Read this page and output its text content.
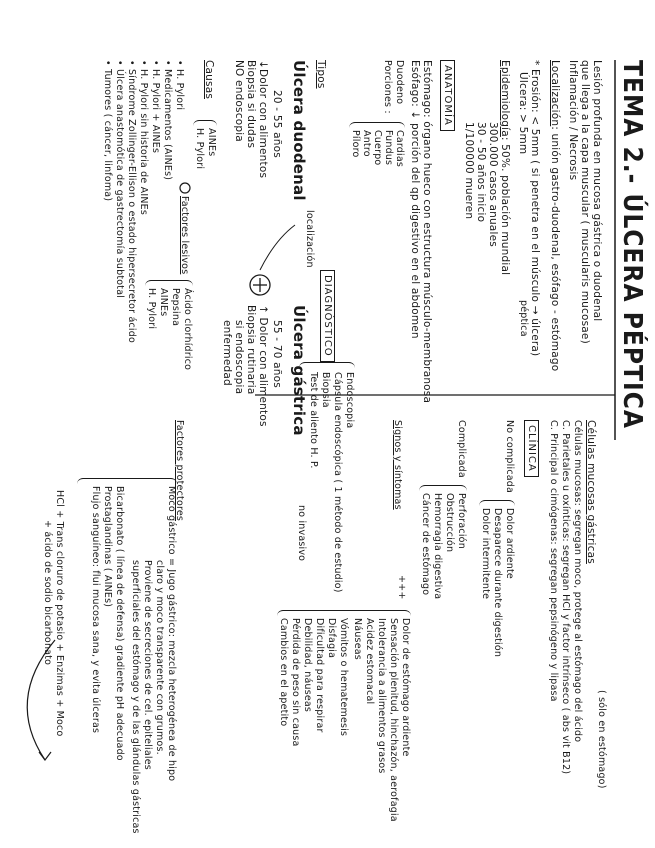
TEMA 2.- ÚLCERA PÉPTICA
Lesión profunda en mucosa gástrica o duodenal
que llega a la capa muscular ( muscularis mucosae)
Inflamación / Necrosis
Localización: unión gastro-duodenal, esófago - estómago
* Erosión: < 5mm ( si penetra en el músculo → úlcera)
Úlcera: > 5mm
péptica
Epidemiología: 50%. población mundial
300.000 casos anuales
30 - 50 años inicio
1/100000 mueren
ANATOMÍA
Estómago: órgano hueco con estructura músculo-membranosa
Esófago: ↓ porción del qp digestivo en el abdomen
Duodeno
Porciones :
Cardias
Fundus
Cuerpo
Antro
Píloro
Tipos
localización
Úlcera duodenal
Úlcera gástrica
20 - 55 años
↓Dolor con alimentos
Biopsia si dudas
NO endoscopia
55 - 70 años
↑ Dolor con alimentos
Biopsia rutinaria
si endoscopia
enfermedad
Causas
AINEs
H. Pylori
• H. Pylori
• Medicamentos (AINEs)
• H. Pylori + AINEs
• H. Pylori sin historia de AINEs
• Síndrome Zollinger-Ellison o estado hipersecretor ácido
• Úlcera anastomótica de gastrectomía subtotal
• Tumores ( cáncer, linfoma)
Factores lesivos
Ácido clorhídrico
Pepsina
AINEs
H. Pylori	DIAGNÓSTICO
Endoscopia
Cápsula endoscópica ( 1 método de estudio)
Biopsia
Test de aliento H. P.
no invasivo	Células mucosas gástricas
( sólo en estómago)
Células mucosas: segregan moco, protege al estómago del ácido
C. Parietales u oxínticas: segregan HCl y factor intrínseco ( abs vit B12)
C. Principal o cimógenas: segregan pepsinógeno y lipasa
CLÍNICA
No complicada
Dolor ardiente
Desaparece durante digestión
Dolor intermitente
Complicada
Perforación
Obstrucción
Hemorragia digestiva
Cáncer de estómago
Signos y síntomas
+++
Dolor de estómago ardiente
Sensación plenitud, hinchazón, aerofagia
Intolerancia a alimentos grasos
Acidez estomacal
Náuseas
Vómitos o hematemesis
Disfagia
Dificultad para respirar
Debilidad, náuseas
Pérdida de peso sin causa
Cambios en el apetito
Factores protectores
Moco gástrico = Jugo gástrico: mezcla heterogénea de hipo
claro y moco transparente con grumos.
Proviene de secreciones de cel. epiteliales
superficiales del estómago y de las glándulas gástricas
Bicarbonato ( línea de defensa) gradiente pH adecuado
Prostaglandinas ( AINEs)
Flujo sanguíneo: flui mucosa sana, y evita úlceras
HCl + Trans cloruro de potasio + Enzimas + Moco
+ ácido de sodio bicarbonato
